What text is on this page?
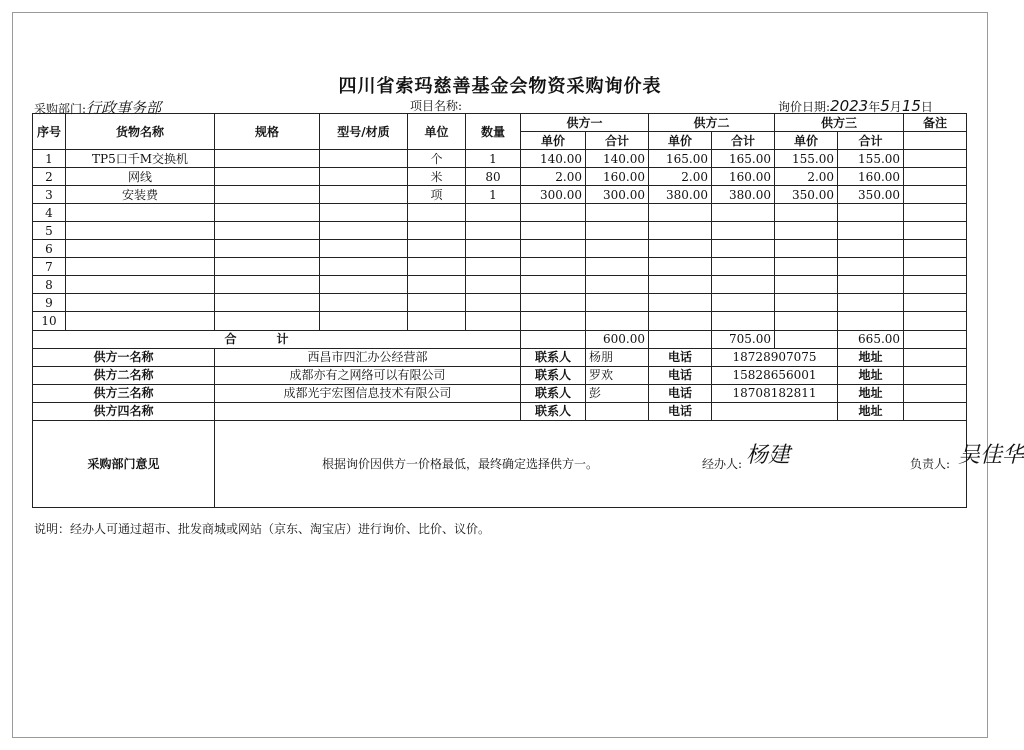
四川省索玛慈善基金会物资采购询价表
采购部门:行政事务部	项目名称:	询价日期:2023年5月15日
序号	货物名称	规格	型号/材质	单位	数量	供方一		供方二		供方三		备注
						单价	合计	单价	合计	单价	合计	
1	TP5口千M交换机			个	1	140.00	140.00	165.00	165.00	155.00	155.00	
2	网线			米	80	2.00	160.00	2.00	160.00	2.00	160.00	
3	安装费			项	1	300.00	300.00	380.00	380.00	350.00	350.00	
4												
5												
6												
7												
8												
9												
10												
合计							600.00		705.00		665.00	
供方一名称		西昌市四汇办公经营部				联系人	杨朋	电话	18728907075		地址	
供方二名称		成都亦有之网络可以有限公司				联系人	罗欢	电话	15828656001		地址	
供方三名称		成都光宇宏图信息技术有限公司				联系人	彭	电话	18708182811		地址	
供方四名称						联系人		电话			地址	
采购部门意见		根据询价因供方一价格最低，最终确定选择供方一。 经办人: 杨建 负责人: 吴佳华										
说明：经办人可通过超市、批发商城或网站（京东、淘宝店）进行询价、比价、议价。
